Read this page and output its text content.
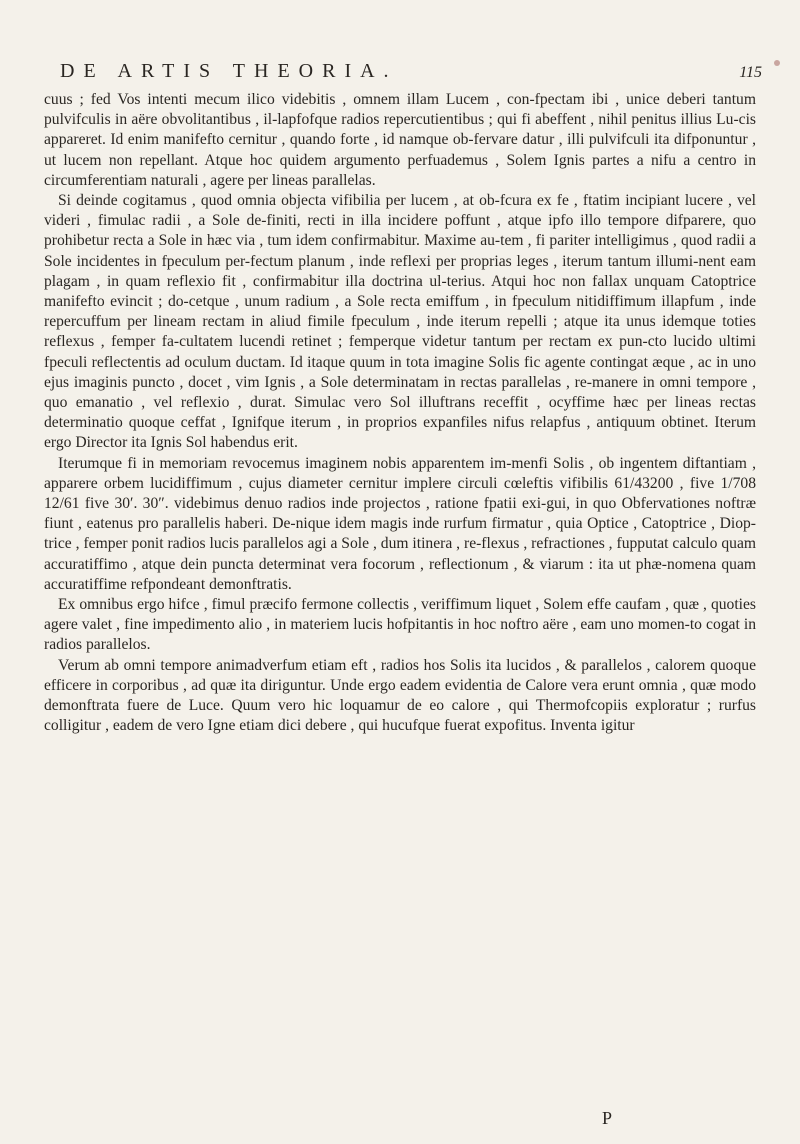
DE ARTIS THEORIA.	115

cuus ; fed Vos intenti mecum ilico videbitis , omnem illam Lucem , con-fpectam ibi , unice deberi tantum pulvifculis in aëre obvolitantibus , il-lapfofque radios repercutientibus ; qui fi abeffent , nihil penitus illius Lu-cis appareret. Id enim manifefto cernitur , quando forte , id namque ob-fervare datur , illi pulvifculi ita difponuntur , ut lucem non repellant. Atque hoc quidem argumento perfuademus , Solem Ignis partes a nifu a centro in circumferentiam naturali , agere per lineas parallelas.

Si deinde cogitamus , quod omnia objecta vifibilia per lucem , at ob-fcura ex fe , ftatim incipiant lucere , vel videri , fimulac radii , a Sole de-finiti, recti in illa incidere poffunt , atque ipfo illo tempore difparere, quo prohibetur recta a Sole in hæc via , tum idem confirmabitur. Maxime au-tem , fi pariter intelligimus , quod radii a Sole incidentes in fpeculum per-fectum planum , inde reflexi per proprias leges , iterum tantum illumi-nent eam plagam , in quam reflexio fit , confirmabitur illa doctrina ul-terius. Atqui hoc non fallax unquam Catoptrice manifefto evincit ; do-cetque , unum radium , a Sole recta emiffum , in fpeculum nitidiffimum illapfum , inde repercuffum per lineam rectam in aliud fimile fpeculum , inde iterum repelli ; atque ita unus idemque toties reflexus , femper fa-cultatem lucendi retinet ; femperque videtur tantum per rectam ex pun-cto lucido ultimi fpeculi reflectentis ad oculum ductam. Id itaque quum in tota imagine Solis fic agente contingat æque , ac in uno ejus imaginis puncto , docet , vim Ignis , a Sole determinatam in rectas parallelas , re-manere in omni tempore , quo emanatio , vel reflexio , durat. Simulac vero Sol illuftrans receffit , ocyffime hæc per lineas rectas determinatio quoque ceffat , Ignifque iterum , in proprios expanfiles nifus relapfus , antiquum obtinet. Iterum ergo Director ita Ignis Sol habendus erit.

Iterumque fi in memoriam revocemus imaginem nobis apparentem im-menfi Solis , ob ingentem diftantiam , apparere orbem lucidiffimum , cujus diameter cernitur implere circuli cœleftis vifibilis 61/43200 , five 1/708 12/61 five 30′. 30″. videbimus denuo radios inde projectos , ratione fpatii exi-gui, in quo Obfervationes noftræ fiunt , eatenus pro parallelis haberi. De-nique idem magis inde rurfum firmatur , quia Optice , Catoptrice , Diop-trice , femper ponit radios lucis parallelos agi a Sole , dum itinera , re-flexus , refractiones , fupputat calculo quam accuratiffimo , atque dein puncta determinat vera focorum , reflectionum , & viarum : ita ut phæ-nomena quam accuratiffime refpondeant demonftratis.

Ex omnibus ergo hifce , fimul præcifo fermone collectis , veriffimum liquet , Solem effe caufam , quæ , quoties agere valet , fine impedimento alio , in materiem lucis hofpitantis in hoc noftro aëre , eam uno momen-to cogat in radios parallelos.

Verum ab omni tempore animadverfum etiam eft , radios hos Solis ita lucidos , & parallelos , calorem quoque efficere in corporibus , ad quæ ita diriguntur. Unde ergo eadem evidentia de Calore vera erunt omnia , quæ modo demonftrata fuere de Luce. Quum vero hic loquamur de eo calore , qui Thermofcopiis exploratur ; rurfus colligitur , eadem de vero Igne etiam dici debere , qui hucufque fuerat expofitus. Inventa igitur

P
